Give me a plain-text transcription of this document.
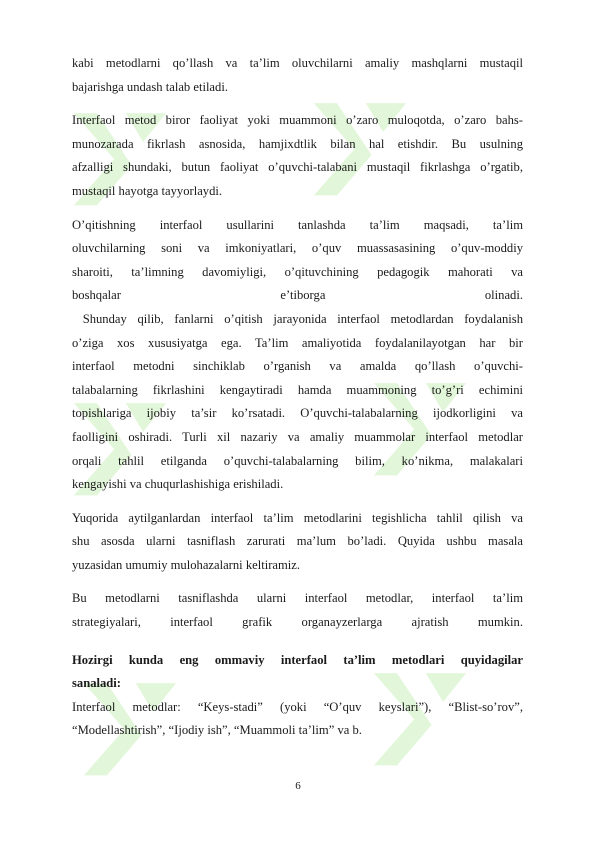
kabi metodlarni qo’llash va ta’lim oluvchilarni amaliy mashqlarni mustaqil
bajarishga undash talab etiladi.
Interfaol metod biror faoliyat yoki muammoni o’zaro muloqotda, o’zaro bahs-
munozarada fikrlash asnosida, hamjixdtlik bilan hal etishdir. Bu usulning
afzalligi shundaki, butun faoliyat o’quvchi-talabani mustaqil fikrlashga o’rgatib,
mustaqil hayotga tayyorlaydi.
O’qitishning interfaol usullarini tanlashda ta’lim maqsadi, ta’lim
oluvchilarning soni va imkoniyatlari, o’quv muassasasining o’quv-moddiy
sharoiti, ta’limning davomiyligi, o’qituvchining pedagogik mahorati va
boshqalar e’tiborga olinadi.
Shunday qilib, fanlarni o’qitish jarayonida interfaol metodlardan foydalanish
o’ziga xos xususiyatga ega. Ta’lim amaliyotida foydalanilayotgan har bir
interfaol metodni sinchiklab o’rganish va amalda qo’llash o’quvchi-
talabalarning fikrlashini kengaytiradi hamda muammoning to’g’ri echimini
topishlariga ijobiy ta’sir ko’rsatadi. O’quvchi-talabalarning ijodkorligini va
faolligini oshiradi. Turli xil nazariy va amaliy muammolar interfaol metodlar
orqali tahlil etilganda o’quvchi-talabalarning bilim, ko’nikma, malakalari
kengayishi va chuqurlashishiga erishiladi.
Yuqorida aytilganlardan interfaol ta’lim metodlarini tegishlicha tahlil qilish va
shu asosda ularni tasniflash zarurati ma’lum bo’ladi. Quyida ushbu masala
yuzasidan umumiy mulohazalarni keltiramiz.
Bu metodlarni tasniflashda ularni interfaol metodlar, interfaol ta’lim
strategiyalari, interfaol grafik organayzerlarga ajratish mumkin.
Hozirgi kunda eng ommaviy interfaol ta’lim metodlari quyidagilar
sanaladi:
Interfaol metodlar: “Keys-stadi” (yoki “O’quv keyslari”), “Blist-so’rov”,
“Modellashtirish”, “Ijodiy ish”, “Muammoli ta’lim” va b.
6
